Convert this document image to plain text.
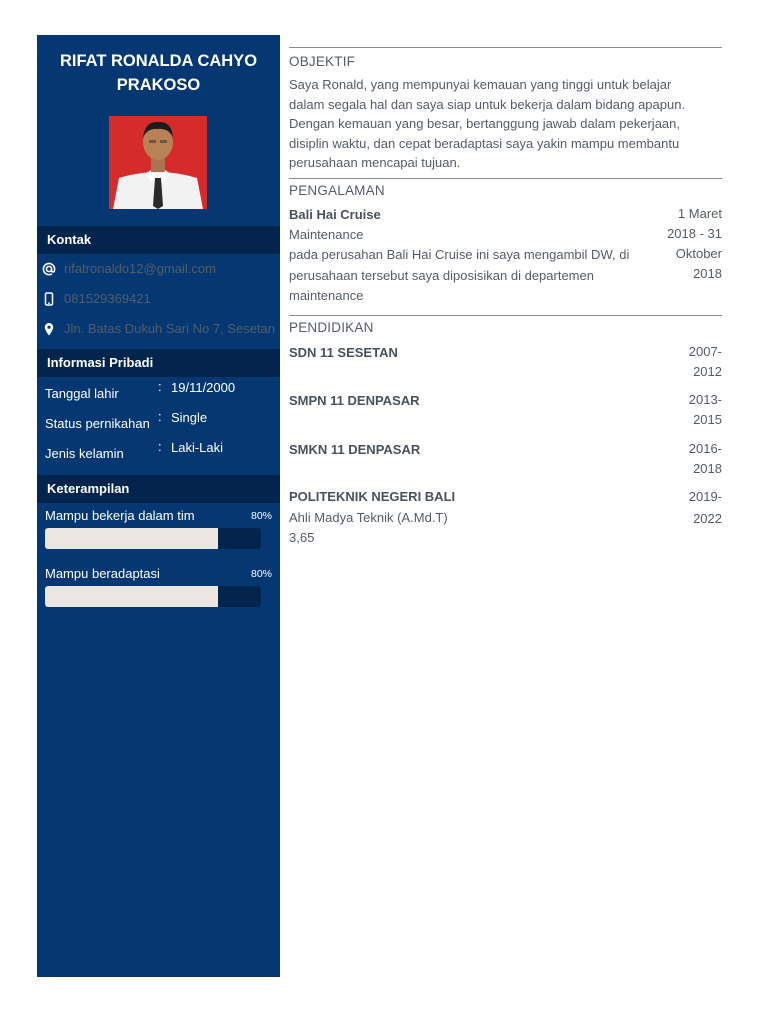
RIFAT RONALDA CAHYO PRAKOSO
Kontak
rifatronaldo12@gmail.com
081529369421
Jln. Batas Dukuh Sari No 7, Sesetan
Informasi Pribadi
Tanggal lahir	: 19/11/2000
Status pernikahan : Single
Jenis kelamin	: Laki-Laki
Keterampilan
Mampu bekerja dalam tim	80%
Mampu beradaptasi	80%
OBJEKTIF
Saya Ronald, yang mempunyai kemauan yang tinggi untuk belajar
dalam segala hal dan saya siap untuk bekerja dalam bidang apapun.
Dengan kemauan yang besar, bertanggung jawab dalam pekerjaan,
disiplin waktu, dan cepat beradaptasi saya yakin mampu membantu
perusahaan mencapai tujuan.
PENGALAMAN
Bali Hai Cruise
Maintenance
pada perusahan Bali Hai Cruise ini saya mengambil DW, di
perusahaan tersebut saya diposisikan di departemen
maintenance
1 Maret
2018 - 31
Oktober
2018
PENDIDIKAN
SDN 11 SESETAN	2007-
2012
SMPN 11 DENPASAR	2013-
2015
SMKN 11 DENPASAR	2016-
2018
POLITEKNIK NEGERI BALI	2019-
2022
Ahli Madya Teknik (A.Md.T)
3,65
